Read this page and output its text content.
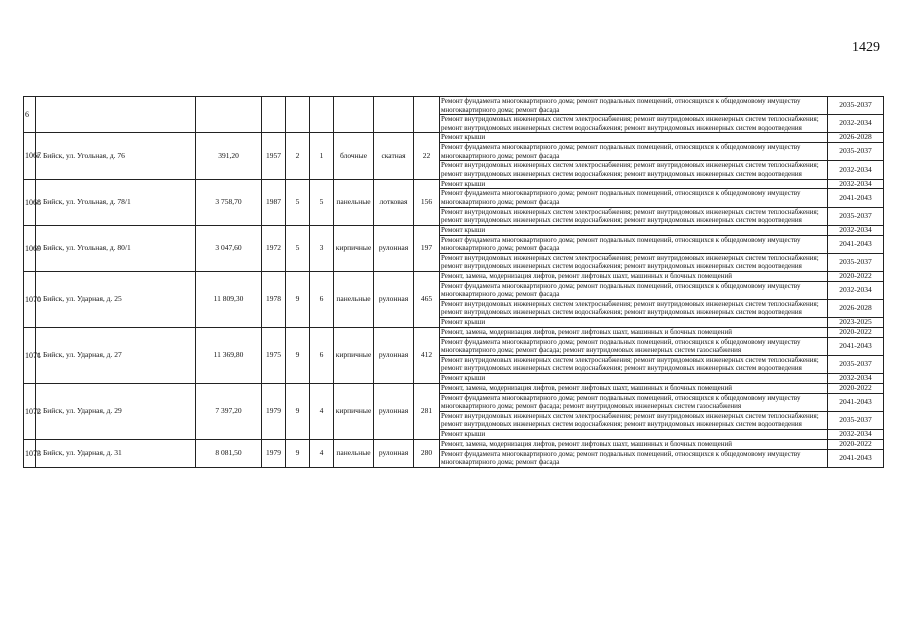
1429
6									Ремонт фундамента многоквартирного дома; ремонт подвальных помещений, относящихся к общедомовому имуществу многоквартирного дома; ремонт фасада	2035-2037
									Ремонт внутридомовых инженерных систем электроснабжения; ремонт внутридомовых инженерных систем теплоснабжения; ремонт внутридомовых инженерных систем водоснабжения; ремонт внутридомовых инженерных систем водоотведения	2032-2034
1067	г. Бийск, ул. Угольная, д. 76	391,20	1957	2	1	блочные	скатная	22	Ремонт крыши	2026-2028
									Ремонт фундамента многоквартирного дома; ремонт подвальных помещений, относящихся к общедомовому имуществу многоквартирного дома; ремонт фасада	2035-2037
									Ремонт внутридомовых инженерных систем электроснабжения; ремонт внутридомовых инженерных систем теплоснабжения; ремонт внутридомовых инженерных систем водоснабжения; ремонт внутридомовых инженерных систем водоотведения	2032-2034
1068	г. Бийск, ул. Угольная, д. 78/1	3 758,70	1987	5	5	панельные	лотковая	156	Ремонт крыши	2032-2034
									Ремонт фундамента многоквартирного дома; ремонт подвальных помещений, относящихся к общедомовому имуществу многоквартирного дома; ремонт фасада	2041-2043
									Ремонт внутридомовых инженерных систем электроснабжения; ремонт внутридомовых инженерных систем теплоснабжения; ремонт внутридомовых инженерных систем водоснабжения; ремонт внутридомовых инженерных систем водоотведения	2035-2037
1069	г. Бийск, ул. Угольная, д. 80/1	3 047,60	1972	5	3	кирпичные	рулонная	197	Ремонт крыши	2032-2034
									Ремонт фундамента многоквартирного дома; ремонт подвальных помещений, относящихся к общедомовому имуществу многоквартирного дома; ремонт фасада	2041-2043
									Ремонт внутридомовых инженерных систем электроснабжения; ремонт внутридомовых инженерных систем теплоснабжения; ремонт внутридомовых инженерных систем водоснабжения; ремонт внутридомовых инженерных систем водоотведения	2035-2037
1070	г. Бийск, ул. Ударная, д. 25	11 809,30	1978	9	6	панельные	рулонная	465	Ремонт, замена, модернизация лифтов, ремонт лифтовых шахт, машинных и блочных помещений	2020-2022
									Ремонт фундамента многоквартирного дома; ремонт подвальных помещений, относящихся к общедомовому имуществу многоквартирного дома; ремонт фасада	2032-2034
									Ремонт внутридомовых инженерных систем электроснабжения; ремонт внутридомовых инженерных систем теплоснабжения; ремонт внутридомовых инженерных систем водоснабжения; ремонт внутридомовых инженерных систем водоотведения	2026-2028
									Ремонт крыши	2023-2025
1071	г. Бийск, ул. Ударная, д. 27	11 369,80	1975	9	6	кирпичные	рулонная	412	Ремонт, замена, модернизация лифтов, ремонт лифтовых шахт, машинных и блочных помещений	2020-2022
									Ремонт фундамента многоквартирного дома; ремонт подвальных помещений, относящихся к общедомовому имуществу многоквартирного дома; ремонт фасада; ремонт внутридомовых инженерных систем газоснабжения	2041-2043
									Ремонт внутридомовых инженерных систем электроснабжения; ремонт внутридомовых инженерных систем теплоснабжения; ремонт внутридомовых инженерных систем водоснабжения; ремонт внутридомовых инженерных систем водоотведения	2035-2037
									Ремонт крыши	2032-2034
1072	г. Бийск, ул. Ударная, д. 29	7 397,20	1979	9	4	кирпичные	рулонная	281	Ремонт, замена, модернизация лифтов, ремонт лифтовых шахт, машинных и блочных помещений	2020-2022
									Ремонт фундамента многоквартирного дома; ремонт подвальных помещений, относящихся к общедомовому имуществу многоквартирного дома; ремонт фасада; ремонт внутридомовых инженерных систем газоснабжения	2041-2043
									Ремонт внутридомовых инженерных систем электроснабжения; ремонт внутридомовых инженерных систем теплоснабжения; ремонт внутридомовых инженерных систем водоснабжения; ремонт внутридомовых инженерных систем водоотведения	2035-2037
									Ремонт крыши	2032-2034
1073	г. Бийск, ул. Ударная, д. 31	8 081,50	1979	9	4	панельные	рулонная	280	Ремонт, замена, модернизация лифтов, ремонт лифтовых шахт, машинных и блочных помещений	2020-2022
									Ремонт фундамента многоквартирного дома; ремонт подвальных помещений, относящихся к общедомовому имуществу многоквартирного дома; ремонт фасада	2041-2043
